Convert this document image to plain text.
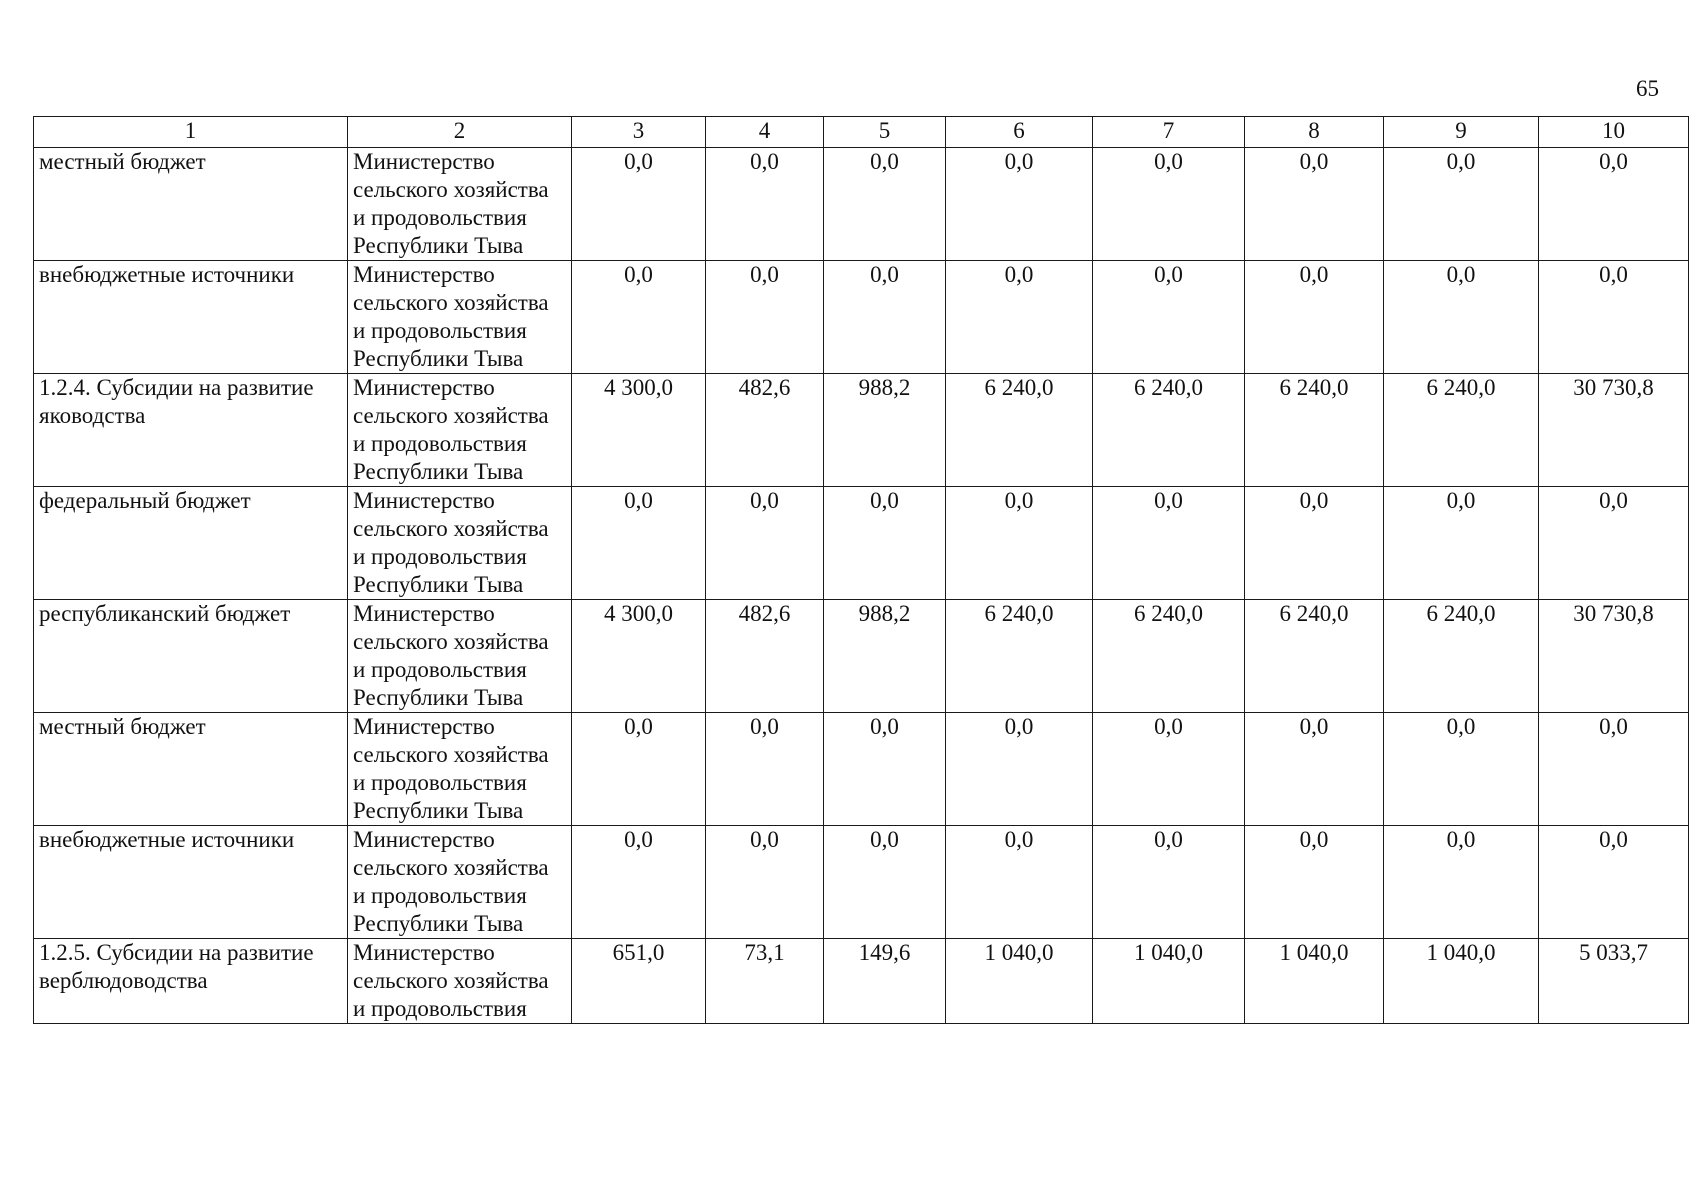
65
1	2	3	4	5	6	7	8	9	10
местный бюджет	Министерство
сельского хозяйства
и продовольствия
Республики Тыва	0,0	0,0	0,0	0,0	0,0	0,0	0,0	0,0
внебюджетные источники	Министерство
сельского хозяйства
и продовольствия
Республики Тыва	0,0	0,0	0,0	0,0	0,0	0,0	0,0	0,0
1.2.4. Субсидии на развитие яководства	Министерство
сельского хозяйства
и продовольствия
Республики Тыва	4 300,0	482,6	988,2	6 240,0	6 240,0	6 240,0	6 240,0	30 730,8
федеральный бюджет	Министерство
сельского хозяйства
и продовольствия
Республики Тыва	0,0	0,0	0,0	0,0	0,0	0,0	0,0	0,0
республиканский бюджет	Министерство
сельского хозяйства
и продовольствия
Республики Тыва	4 300,0	482,6	988,2	6 240,0	6 240,0	6 240,0	6 240,0	30 730,8
местный бюджет	Министерство
сельского хозяйства
и продовольствия
Республики Тыва	0,0	0,0	0,0	0,0	0,0	0,0	0,0	0,0
внебюджетные источники	Министерство
сельского хозяйства
и продовольствия
Республики Тыва	0,0	0,0	0,0	0,0	0,0	0,0	0,0	0,0
1.2.5. Субсидии на развитие верблюдоводства	Министерство
сельского хозяйства
и продовольствия	651,0	73,1	149,6	1 040,0	1 040,0	1 040,0	1 040,0	5 033,7
